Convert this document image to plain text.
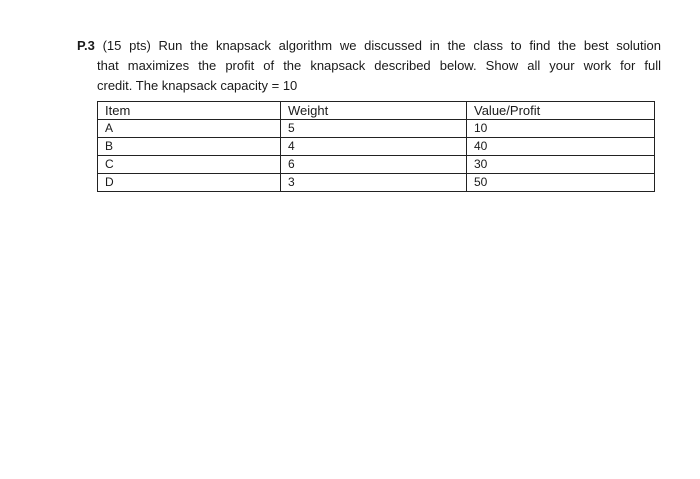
P.3 (15 pts) Run the knapsack algorithm we discussed in the class to find the best solution
that maximizes the profit of the knapsack described below. Show all your work for full
credit. The knapsack capacity = 10
Item	Weight	Value/Profit
A	5	10
B	4	40
C	6	30
D	3	50
